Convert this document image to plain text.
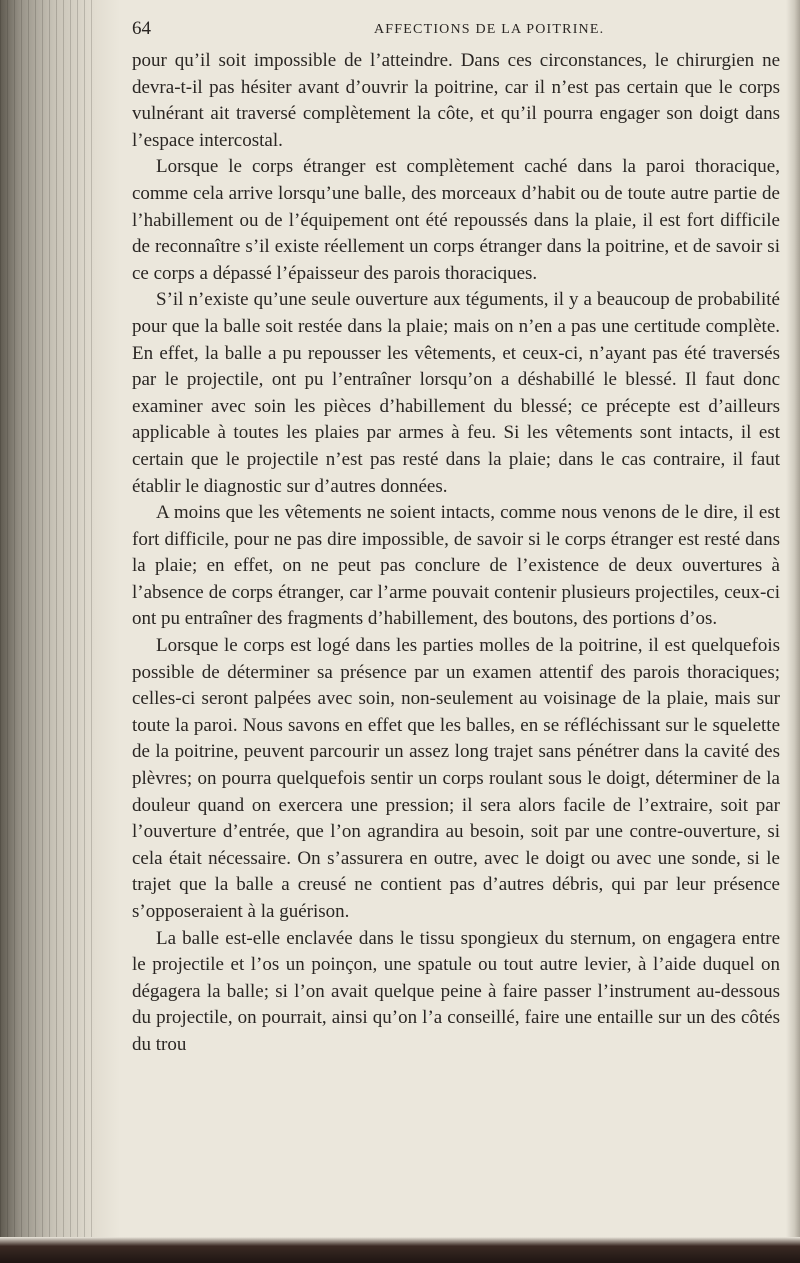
64	AFFECTIONS DE LA POITRINE.

pour qu’il soit impossible de l’atteindre. Dans ces circonstances, le chirurgien ne devra-t-il pas hésiter avant d’ouvrir la poitrine, car il n’est pas certain que le corps vulnérant ait traversé complètement la côte, et qu’il pourra engager son doigt dans l’espace intercostal.

Lorsque le corps étranger est complètement caché dans la paroi thoracique, comme cela arrive lorsqu’une balle, des morceaux d’habit ou de toute autre partie de l’habillement ou de l’équipement ont été repoussés dans la plaie, il est fort difficile de reconnaître s’il existe réellement un corps étranger dans la poitrine, et de savoir si ce corps a dépassé l’épaisseur des parois thoraciques.

S’il n’existe qu’une seule ouverture aux téguments, il y a beaucoup de probabilité pour que la balle soit restée dans la plaie; mais on n’en a pas une certitude complète. En effet, la balle a pu repousser les vêtements, et ceux-ci, n’ayant pas été traversés par le projectile, ont pu l’entraîner lorsqu’on a déshabillé le blessé. Il faut donc examiner avec soin les pièces d’habillement du blessé; ce précepte est d’ailleurs applicable à toutes les plaies par armes à feu. Si les vêtements sont intacts, il est certain que le projectile n’est pas resté dans la plaie; dans le cas contraire, il faut établir le diagnostic sur d’autres données.

A moins que les vêtements ne soient intacts, comme nous venons de le dire, il est fort difficile, pour ne pas dire impossible, de savoir si le corps étranger est resté dans la plaie; en effet, on ne peut pas conclure de l’existence de deux ouvertures à l’absence de corps étranger, car l’arme pouvait contenir plusieurs projectiles, ceux-ci ont pu entraîner des fragments d’habillement, des boutons, des portions d’os.

Lorsque le corps est logé dans les parties molles de la poitrine, il est quelquefois possible de déterminer sa présence par un examen attentif des parois thoraciques; celles-ci seront palpées avec soin, non-seulement au voisinage de la plaie, mais sur toute la paroi. Nous savons en effet que les balles, en se réfléchissant sur le squelette de la poitrine, peuvent parcourir un assez long trajet sans pénétrer dans la cavité des plèvres; on pourra quelquefois sentir un corps roulant sous le doigt, déterminer de la douleur quand on exercera une pression; il sera alors facile de l’extraire, soit par l’ouverture d’entrée, que l’on agrandira au besoin, soit par une contre-ouverture, si cela était nécessaire. On s’assurera en outre, avec le doigt ou avec une sonde, si le trajet que la balle a creusé ne contient pas d’autres débris, qui par leur présence s’opposeraient à la guérison.

La balle est-elle enclavée dans le tissu spongieux du sternum, on engagera entre le projectile et l’os un poinçon, une spatule ou tout autre levier, à l’aide duquel on dégagera la balle; si l’on avait quelque peine à faire passer l’instrument au-dessous du projectile, on pourrait, ainsi qu’on l’a conseillé, faire une entaille sur un des côtés du trou
